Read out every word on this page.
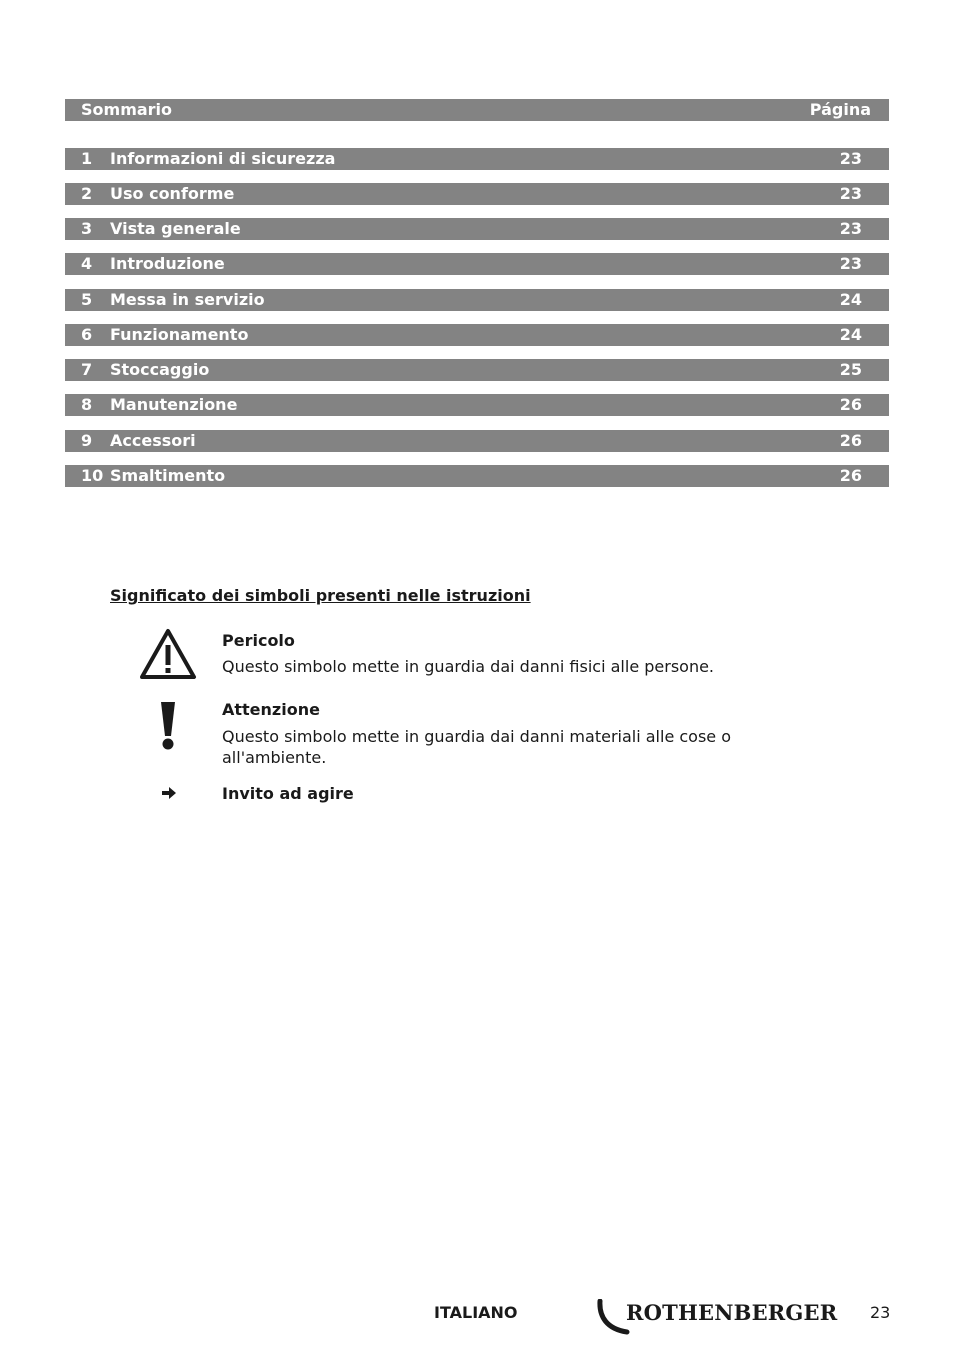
Sommario	Página
1 Informazioni di sicurezza	23
2 Uso conforme	23
3 Vista generale	23
4 Introduzione	23
5 Messa in servizio	24
6 Funzionamento	24
7 Stoccaggio	25
8 Manutenzione	26
9 Accessori	26
10 Smaltimento	26
Significato dei simboli presenti nelle istruzioni
Pericolo
Questo simbolo mette in guardia dai danni fisici alle persone.
Attenzione
Questo simbolo mette in guardia dai danni materiali alle cose o all'ambiente.
Invito ad agire
ITALIANO	ROTHENBERGER 23
